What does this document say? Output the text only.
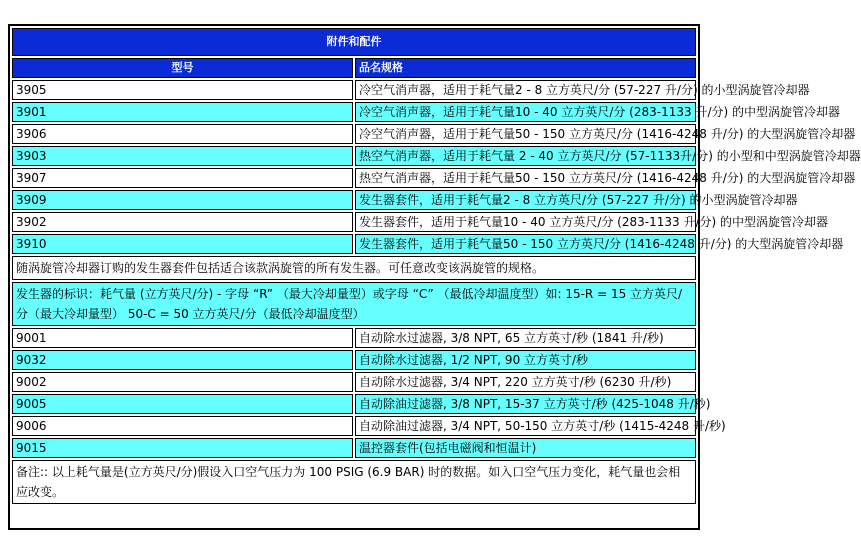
附件和配件	
型号	品名规格
3905	冷空气消声器，适用于耗气量2 - 8 立方英尺/分 (57-227 升/分) 的小型涡旋管冷却器
3901	冷空气消声器，适用于耗气量10 - 40 立方英尺/分 (283-1133 升/分) 的中型涡旋管冷却器
3906	冷空气消声器，适用于耗气量50 - 150 立方英尺/分 (1416-4248 升/分) 的大型涡旋管冷却器
3903	热空气消声器，适用于耗气量 2 - 40 立方英尺/分 (57-1133升/分) 的小型和中型涡旋管冷却器
3907	热空气消声器，适用于耗气量50 - 150 立方英尺/分 (1416-4248 升/分) 的大型涡旋管冷却器
3909	发生器套件，适用于耗气量2 - 8 立方英尺/分 (57-227 升/分) 的小型涡旋管冷却器
3902	发生器套件，适用于耗气量10 - 40 立方英尺/分 (283-1133 升/分) 的中型涡旋管冷却器
3910	发生器套件，适用于耗气量50 - 150 立方英尺/分 (1416-4248 升/分) 的大型涡旋管冷却器
随涡旋管冷却器订购的发生器套件包括适合该款涡旋管的所有发生器。可任意改变该涡旋管的规格。	
发生器的标识：耗气量 (立方英尺/分) - 字母 “R” （最大冷却量型）或字母 “C” （最低冷却温度型）如: 15-R = 15 立方英尺/分（最大冷却量型） 50-C = 50 立方英尺/分（最低冷却温度型）	
9001	自动除水过滤器, 3/8 NPT, 65 立方英寸/秒 (1841 升/秒)
9032	自动除水过滤器, 1/2 NPT, 90 立方英寸/秒
9002	自动除水过滤器, 3/4 NPT, 220 立方英寸/秒 (6230 升/秒)
9005	自动除油过滤器, 3/8 NPT, 15-37 立方英寸/秒 (425-1048 升/秒)
9006	自动除油过滤器, 3/4 NPT, 50-150 立方英寸/秒 (1415-4248 升/秒)
9015	温控器套件(包括电磁阀和恒温计)
备注:: 以上耗气量是(立方英尺/分)假设入口空气压力为 100 PSIG (6.9 BAR) 时的数据。如入口空气压力变化，耗气量也会相应改变。	
